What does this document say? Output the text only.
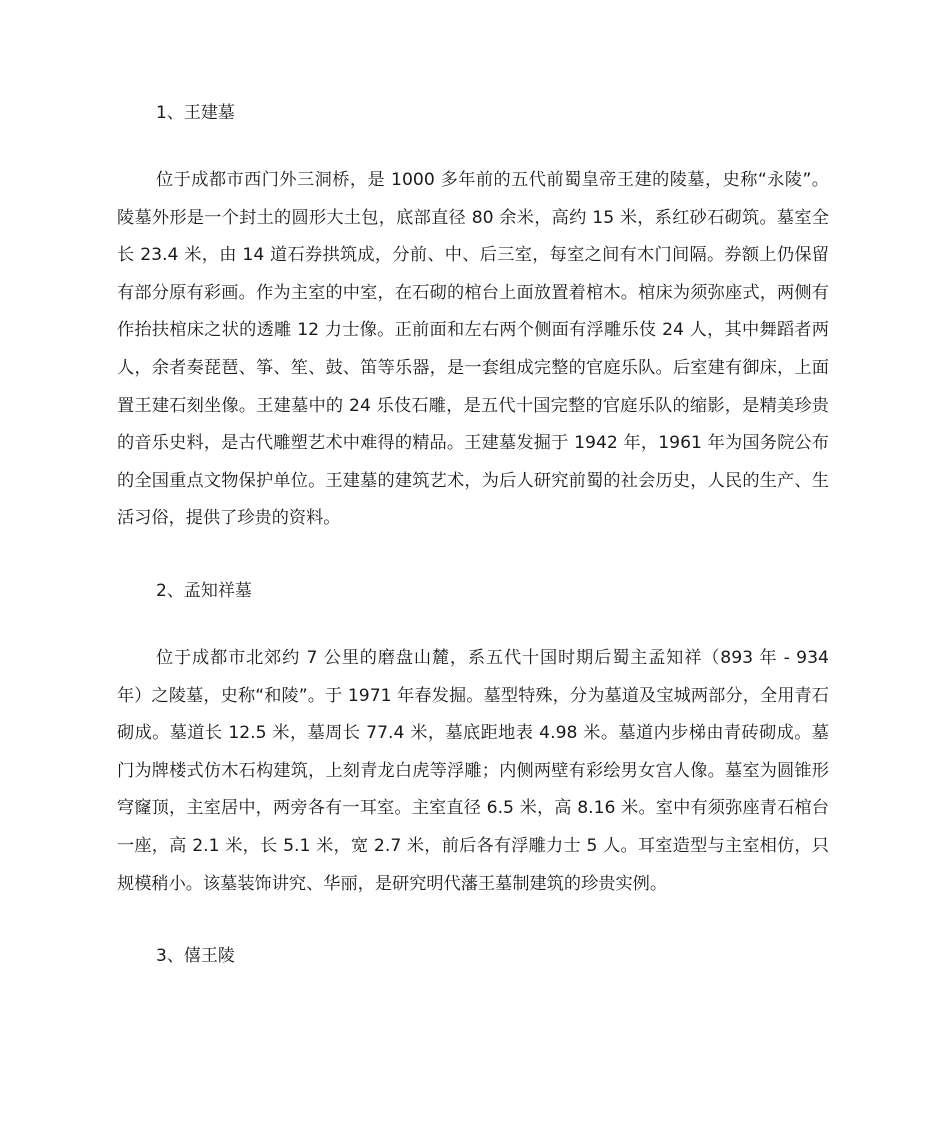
1、王建墓

位于成都市西门外三洞桥，是 1000 多年前的五代前蜀皇帝王建的陵墓，史称“永陵”。陵墓外形是一个封土的圆形大土包，底部直径 80 余米，高约 15 米，系红砂石砌筑。墓室全长 23.4 米，由 14 道石券拱筑成，分前、中、后三室，每室之间有木门间隔。券额上仍保留有部分原有彩画。作为主室的中室，在石砌的棺台上面放置着棺木。棺床为须弥座式，两侧有作抬扶棺床之状的透雕 12 力士像。正前面和左右两个侧面有浮雕乐伎 24 人，其中舞蹈者两人，余者奏琵琶、筝、笙、鼓、笛等乐器，是一套组成完整的官庭乐队。后室建有御床，上面置王建石刻坐像。王建墓中的 24 乐伎石雕，是五代十国完整的官庭乐队的缩影，是精美珍贵的音乐史料，是古代雕塑艺术中难得的精品。王建墓发掘于 1942 年，1961 年为国务院公布的全国重点文物保护单位。王建墓的建筑艺术，为后人研究前蜀的社会历史，人民的生产、生活习俗，提供了珍贵的资料。

2、孟知祥墓

位于成都市北郊约 7 公里的磨盘山麓，系五代十国时期后蜀主孟知祥（893 年 - 934 年）之陵墓，史称“和陵”。于 1971 年春发掘。墓型特殊，分为墓道及宝城两部分，全用青石砌成。墓道长 12.5 米，墓周长 77.4 米，墓底距地表 4.98 米。墓道内步梯由青砖砌成。墓门为牌楼式仿木石构建筑，上刻青龙白虎等浮雕；内侧两壁有彩绘男女宫人像。墓室为圆锥形穹窿顶，主室居中，两旁各有一耳室。主室直径 6.5 米，高 8.16 米。室中有须弥座青石棺台一座，高 2.1 米，长 5.1 米，宽 2.7 米，前后各有浮雕力士 5 人。耳室造型与主室相仿，只规模稍小。该墓装饰讲究、华丽，是研究明代藩王墓制建筑的珍贵实例。

3、僖王陵
